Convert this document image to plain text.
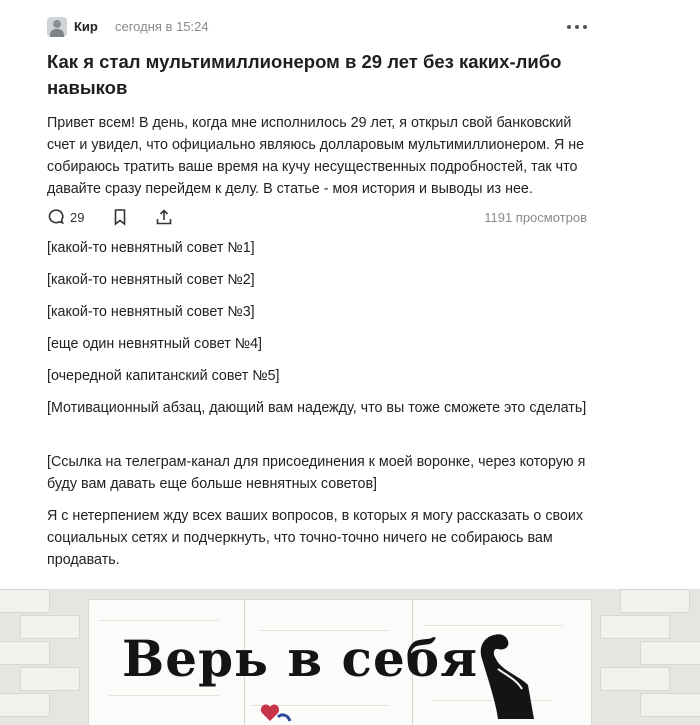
Кир сегодня в 15:24
Как я стал мультимиллионером в 29 лет без каких-либо навыков
Привет всем! В день, когда мне исполнилось 29 лет, я открыл свой банковский счет и увидел, что официально являюсь долларовым мультимиллионером. Я не собираюсь тратить ваше время на кучу несущественных подробностей, так что давайте сразу перейдем к делу. В статье - моя история и выводы из нее.
29	1191 просмотров
[какой-то невнятный совет №1]
[какой-то невнятный совет №2]
[какой-то невнятный совет №3]
[еще один невнятный совет №4]
[очередной капитанский совет №5]
[Мотивационный абзац, дающий вам надежду, что вы тоже сможете это сделать]
[Ссылка на телеграм-канал для присоединения к моей воронке, через которую я буду вам давать еще больше невнятных советов]
Я с нетерпением жду всех ваших вопросов, в которых я могу рассказать о своих социальных сетях и подчеркнуть, что точно-точно ничего не собираюсь вам продавать.
Верь в себя
